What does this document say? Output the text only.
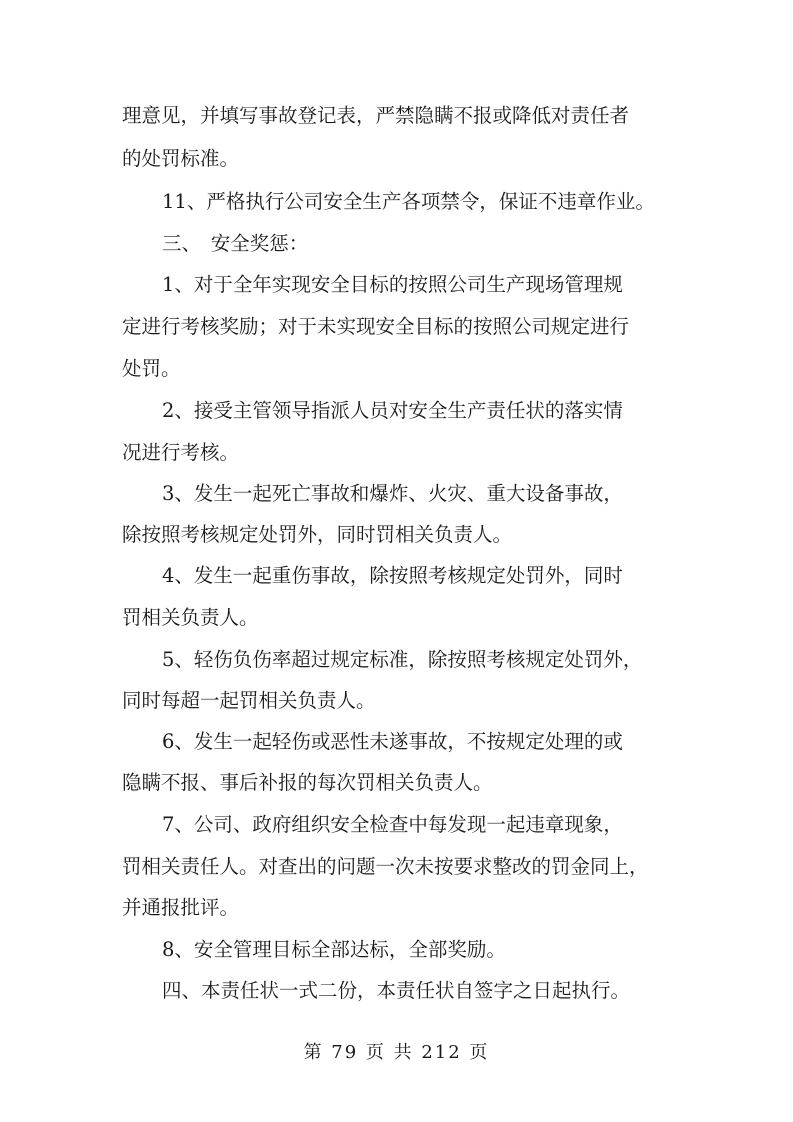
理意见，并填写事故登记表，严禁隐瞒不报或降低对责任者
的处罚标准。
11、严格执行公司安全生产各项禁令，保证不违章作业。
三、　安全奖惩：
1、对于全年实现安全目标的按照公司生产现场管理规
定进行考核奖励；对于未实现安全目标的按照公司规定进行
处罚。
2、接受主管领导指派人员对安全生产责任状的落实情
况进行考核。
3、发生一起死亡事故和爆炸、火灾、重大设备事故，
除按照考核规定处罚外，同时罚相关负责人。
4、发生一起重伤事故，除按照考核规定处罚外，同时
罚相关负责人。
5、轻伤负伤率超过规定标准，除按照考核规定处罚外，
同时每超一起罚相关负责人。
6、发生一起轻伤或恶性未遂事故，不按规定处理的或
隐瞒不报、事后补报的每次罚相关负责人。
7、公司、政府组织安全检查中每发现一起违章现象，
罚相关责任人。对查出的问题一次未按要求整改的罚金同上，
并通报批评。
8、安全管理目标全部达标，全部奖励。
四、本责任状一式二份，本责任状自签字之日起执行。
第 79 页 共 212 页
